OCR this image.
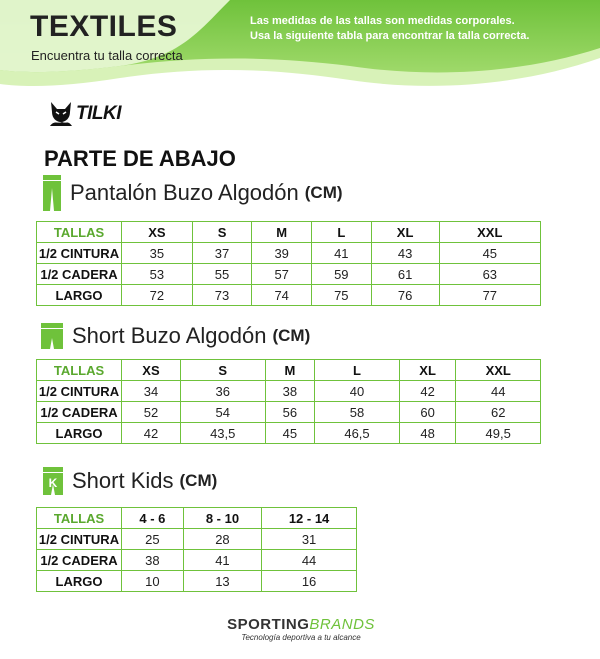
TEXTILES
Encuentra tu talla correcta
Las medidas de las tallas son medidas corporales.
Usa la siguiente tabla para encontrar la talla correcta.
TILKI
PARTE DE ABAJO
Pantalón Buzo Algodón (CM)
TALLAS	XS	S	M	L	XL	XXL
1/2 CINTURA	35	37	39	41	43	45
1/2 CADERA	53	55	57	59	61	63
LARGO	72	73	74	75	76	77
Short Buzo Algodón (CM)
TALLAS	XS	S	M	L	XL	XXL
1/2 CINTURA	34	36	38	40	42	44
1/2 CADERA	52	54	56	58	60	62
LARGO	42	43,5	45	46,5	48	49,5
K Short Kids (CM)
TALLAS	4 - 6	8 - 10	12 - 14
1/2 CINTURA	25	28	31
1/2 CADERA	38	41	44
LARGO	10	13	16
SPORTINGBRANDS
Tecnología deportiva a tu alcance
